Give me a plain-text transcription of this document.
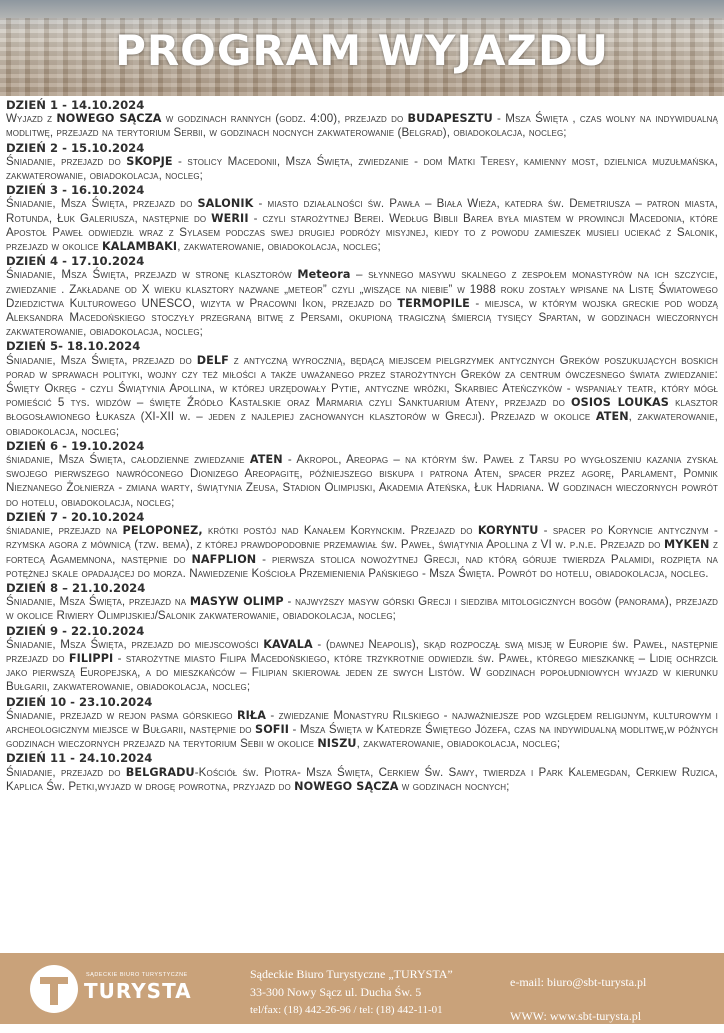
PROGRAM WYJAZDU
DZIEŃ 1 - 14.10.2024
Wyjazd z NOWEGO SĄCZA w godzinach rannych (godz. 4:00), przejazd do BUDAPESZTU - Msza Święta , czas wolny na indywidualną modlitwę, przejazd na terytorium Serbii, w godzinach nocnych zakwaterowanie (Belgrad), obiadokolacja, nocleg;
DZIEŃ 2 - 15.10.2024
Śniadanie, przejazd do SKOPJE - stolicy Macedonii, Msza Święta, zwiedzanie - dom Matki Teresy, kamienny most, dzielnica muzułmańska, zakwaterowanie, obiadokolacja, nocleg;
DZIEŃ 3 - 16.10.2024
Śniadanie, Msza Święta, przejazd do SALONIK - miasto działalności św. Pawła – Biała Wieża, katedra św. Demetriusza – patron miasta, Rotunda, Łuk Galeriusza, następnie do WERII - czyli starożytnej Berei. Według Biblii Barea była miastem w prowincji Macedonia, które Apostoł Paweł odwiedził wraz z Sylasem podczas swej drugiej podróży misyjnej, kiedy to z powodu zamieszek musieli uciekać z Salonik, przejazd w okolice KALAMBAKI, zakwaterowanie, obiadokolacja, nocleg;
DZIEŃ 4 - 17.10.2024
Śniadanie, Msza Święta, przejazd w stronę klasztorów Meteora – słynnego masywu skalnego z zespołem monastyrów na ich szczycie, zwiedzanie . Zakładane od X wieku klasztory nazwane „meteor” czyli „wiszące na niebie” w 1988 roku zostały wpisane na Listę Światowego Dziedzictwa Kulturowego UNESCO, wizyta w Pracowni Ikon, przejazd do TERMOPILE - miejsca, w którym wojska greckie pod wodzą Aleksandra Macedońskiego stoczyły przegraną bitwę z Persami, okupioną tragiczną śmiercią tysięcy Spartan, w godzinach wieczornych zakwaterowanie, obiadokolacja, nocleg;
DZIEŃ 5- 18.10.2024
Śniadanie, Msza Święta, przejazd do DELF z antyczną wyrocznią, będącą miejscem pielgrzymek antycznych Greków poszukujących boskich porad w sprawach polityki, wojny czy też miłości a także uważanego przez starożytnych Greków za centrum ówczesnego świata zwiedzanie: Święty Okręg - czyli Świątynia Apollina, w której urzędowały Pytie, antyczne wróżki, Skarbiec Ateńczyków - wspaniały teatr, który mógł pomieścić 5 tys. widzów – święte Źródło Kastalskie oraz Marmaria czyli Sanktuarium Ateny, przejazd do OSIOS LOUKAS klasztor błogosławionego Łukasza (XI-XII w. – jeden z najlepiej zachowanych klasztorów w Grecji). Przejazd w okolice ATEN, zakwaterowanie, obiadokolacja, nocleg;
DZIEŃ 6 - 19.10.2024
śniadanie, Msza Święta, całodzienne zwiedzanie ATEN - Akropol, Areopag – na którym św. Paweł z Tarsu po wygłoszeniu kazania zyskał swojego pierwszego nawróconego Dionizego Areopagitę, późniejszego biskupa i patrona Aten, spacer przez agorę, Parlament, Pomnik Nieznanego Żołnierza - zmiana warty, świątynia Zeusa, Stadion Olimpijski, Akademia Ateńska, Łuk Hadriana. W godzinach wieczornych powrót do hotelu, obiadokolacja, nocleg;
DZIEŃ 7 - 20.10.2024
śniadanie, przejazd na PELOPONEZ, krótki postój nad Kanałem Korynckim. Przejazd do KORYNTU - spacer po Koryncie antycznym - rzymska agora z mównicą (tzw. bema), z której prawdopodobnie przemawiał św. Paweł, świątynia Apollina z VI w. p.n.e. Przejazd do MYKEN z fortecą Agamemnona, następnie do NAFPLION - pierwsza stolica nowożytnej Grecji, nad którą góruje twierdza Palamidi, rozpięta na potężnej skale opadającej do morza. Nawiedzenie Kościoła Przemienienia Pańskiego - Msza Święta. Powrót do hotelu, obiadokolacja, nocleg.
DZIEŃ 8 – 21.10.2024
Śniadanie, Msza Święta, przejazd na MASYW OLIMP - najwyższy masyw górski Grecji i siedziba mitologicznych bogów (panorama), przejazd w okolice Riwiery Olimpijskiej/Salonik zakwaterowanie, obiadokolacja, nocleg;
DZIEŃ 9 - 22.10.2024
Śniadanie, Msza Święta, przejazd do miejscowości KAVALA - (dawnej Neapolis), skąd rozpoczął swą misję w Europie św. Paweł, następnie przejazd do FILIPPI - starożytne miasto Filipa Macedońskiego, które trzykrotnie odwiedził św. Paweł, którego mieszkankę – Lidię ochrzcił jako pierwszą Europejską, a do mieszkańców – Filipian skierował jeden ze swych Listów. W godzinach popołudniowych wyjazd w kierunku Bułgarii, zakwaterowanie, obiadokolacja, nocleg;
DZIEŃ 10 - 23.10.2024
Śniadanie, przejazd w rejon pasma górskiego RIŁA - zwiedzanie Monastyru Rilskiego - najważniejsze pod względem religijnym, kulturowym i archeologicznym miejsce w Bułgarii, następnie do SOFII - Msza Święta w Katedrze Świętego Józefa, czas na indywidualną modlitwę,w późnych godzinach wieczornych przejazd na terytorium Sebii w okolice NISZU, zakwaterowanie, obiadokolacja, nocleg;
DZIEŃ 11 - 24.10.2024
Śniadanie, przejazd do BELGRADU-Kościół św. Piotra- Msza Święta, Cerkiew Św. Sawy, twierdza i Park Kalemegdan, Cerkiew Ruzica, Kaplica Św. Petki,wyjazd w drogę powrotna, przyjazd do NOWEGO SĄCZA w godzinach nocnych;
SĄDECKIE BIURO TURYSTYCZNE
TURYSTA
Sądeckie Biuro Turystyczne „TURYSTA”
33-300 Nowy Sącz ul. Ducha Św. 5
tel/fax: (18) 442-26-96 / tel: (18) 442-11-01
e-mail: biuro@sbt-turysta.pl
WWW: www.sbt-turysta.pl
